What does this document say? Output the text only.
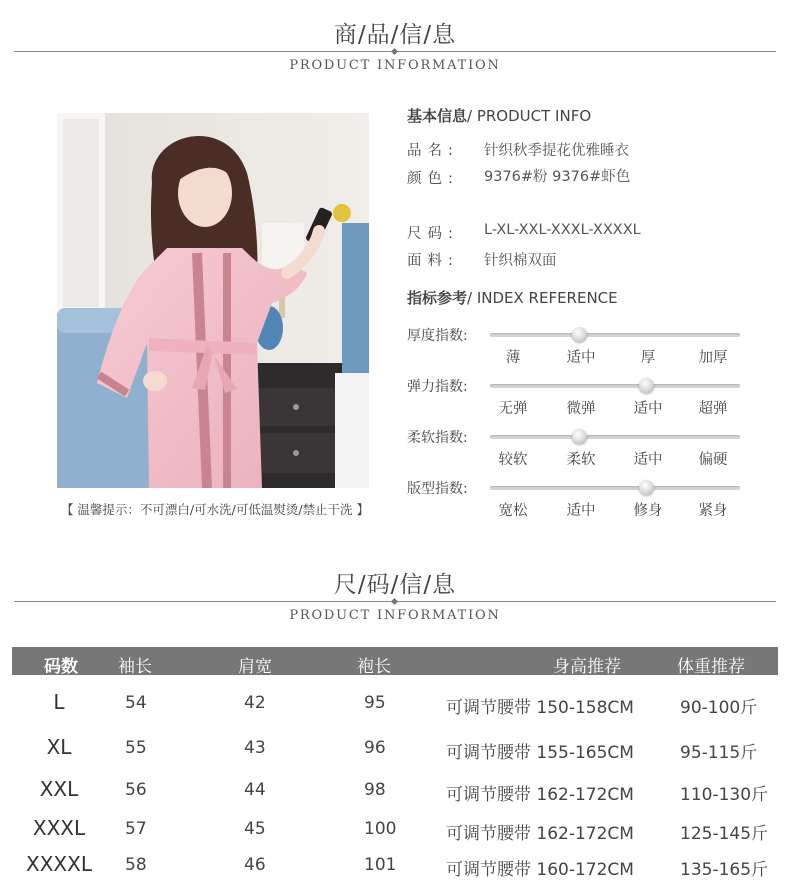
商/品/信/息
PRODUCT INFORMATION
【 温馨提示：不可漂白/可水洗/可低温熨烫/禁止干洗 】
基本信息/ PRODUCT INFO
品名: 针织秋季提花优雅睡衣
颜色: 9376#粉 9376#虾色
尺码: L-XL-XXL-XXXL-XXXXL
面料: 针织棉双面
指标参考/ INDEX REFERENCE
厚度指数:
薄	适中	厚	加厚
弹力指数:
无弹	微弹	适中	超弹
柔软指数:
较软	柔软	适中	偏硬
版型指数:
宽松	适中	修身	紧身
尺/码/信/息
PRODUCT INFORMATION
码数 袖长	肩宽	袍长	身高推荐	体重推荐
L	54	42	95	可调节腰带 150-158CM	90-100斤
XL	55	43	96	可调节腰带 155-165CM	95-115斤
XXL	56	44	98	可调节腰带 162-172CM	110-130斤
XXXL	57	45	100	可调节腰带 162-172CM	125-145斤
XXXXL	58	46	101	可调节腰带 160-172CM	135-165斤
